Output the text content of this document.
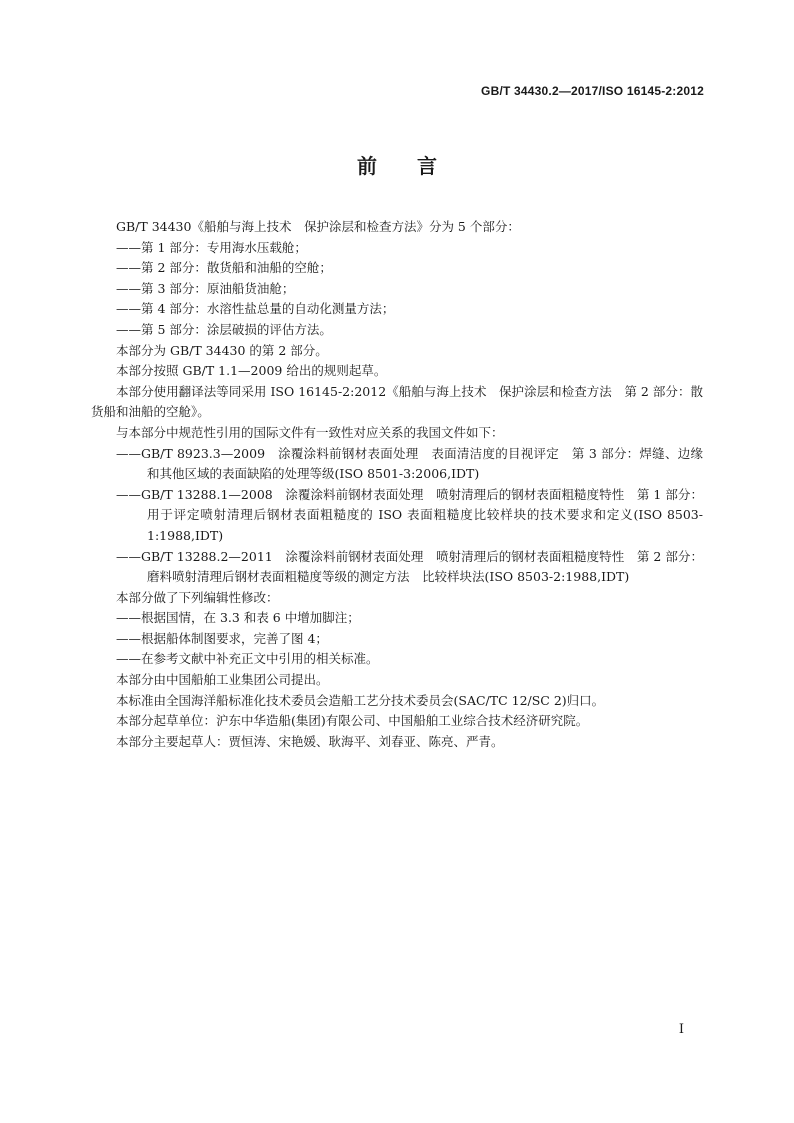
GB/T 34430.2—2017/ISO 16145-2:2012
前言

GB/T 34430《船舶与海上技术　保护涂层和检查方法》分为 5 个部分：

——第 1 部分：专用海水压载舱；

——第 2 部分：散货船和油船的空舱；

——第 3 部分：原油船货油舱；

——第 4 部分：水溶性盐总量的自动化测量方法；

——第 5 部分：涂层破损的评估方法。

本部分为 GB/T 34430 的第 2 部分。

本部分按照 GB/T 1.1—2009 给出的规则起草。

本部分使用翻译法等同采用 ISO 16145-2:2012《船舶与海上技术　保护涂层和检查方法　第 2 部分：散货船和油船的空舱》。

与本部分中规范性引用的国际文件有一致性对应关系的我国文件如下：

——GB/T 8923.3—2009　涂覆涂料前钢材表面处理　表面清洁度的目视评定　第 3 部分：焊缝、边缘和其他区域的表面缺陷的处理等级(ISO 8501-3:2006,IDT)

——GB/T 13288.1—2008　涂覆涂料前钢材表面处理　喷射清理后的钢材表面粗糙度特性　第 1 部分：用于评定喷射清理后钢材表面粗糙度的 ISO 表面粗糙度比较样块的技术要求和定义(ISO 8503-1:1988,IDT)

——GB/T 13288.2—2011　涂覆涂料前钢材表面处理　喷射清理后的钢材表面粗糙度特性　第 2 部分：磨料喷射清理后钢材表面粗糙度等级的测定方法　比较样块法(ISO 8503-2:1988,IDT)

本部分做了下列编辑性修改：

——根据国情，在 3.3 和表 6 中增加脚注；

——根据船体制图要求，完善了图 4；

——在参考文献中补充正文中引用的相关标准。

本部分由中国船舶工业集团公司提出。

本标准由全国海洋船标准化技术委员会造船工艺分技术委员会(SAC/TC 12/SC 2)归口。

本部分起草单位：沪东中华造船(集团)有限公司、中国船舶工业综合技术经济研究院。

本部分主要起草人：贾恒涛、宋艳媛、耿海平、刘春亚、陈亮、严青。

I
